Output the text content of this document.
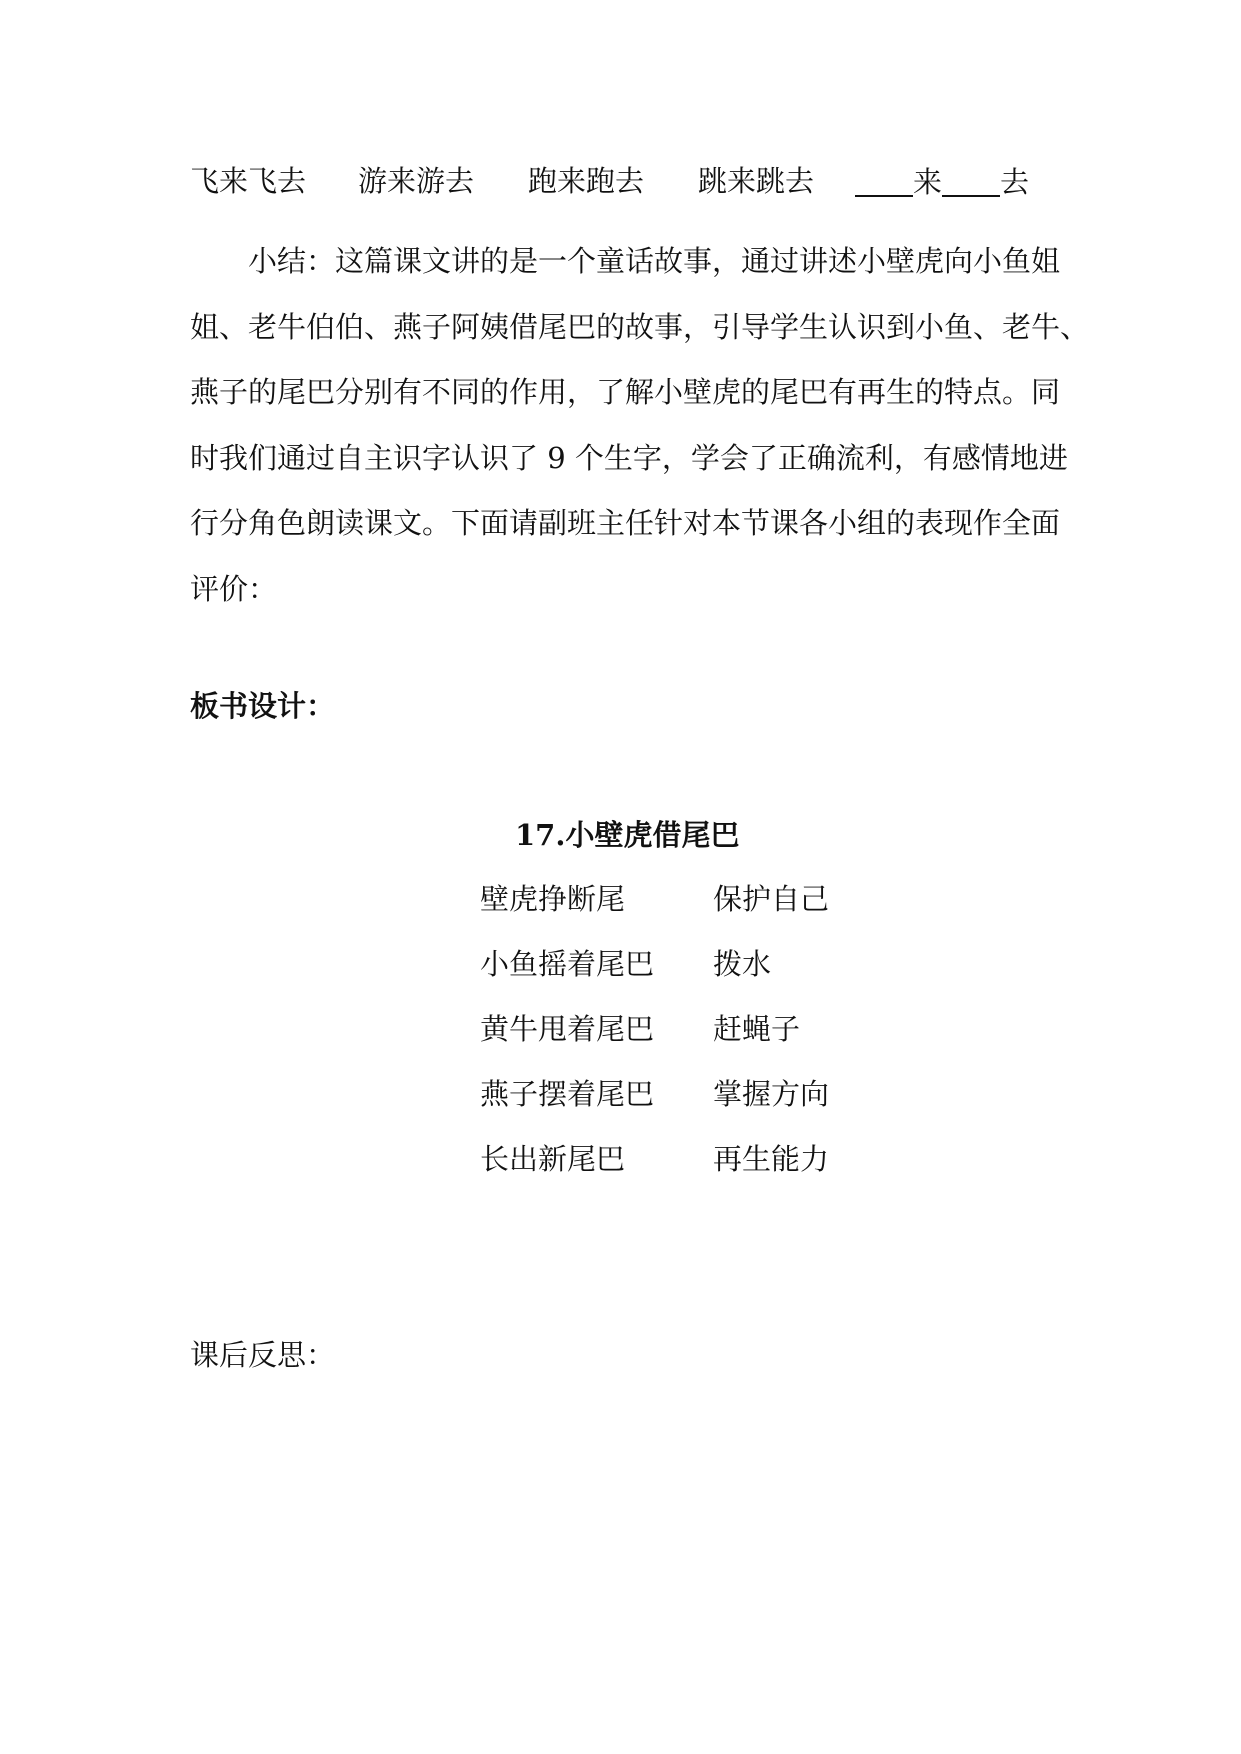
飞来飞去 游来游去 跑来跑去 跳来跳去	来 去
小结：这篇课文讲的是一个童话故事，通过讲述小壁虎向小鱼姐
姐、老牛伯伯、燕子阿姨借尾巴的故事，引导学生认识到小鱼、老牛、
燕子的尾巴分别有不同的作用，了解小壁虎的尾巴有再生的特点。同
时我们通过自主识字认识了 9 个生字，学会了正确流利，有感情地进
行分角色朗读课文。下面请副班主任针对本节课各小组的表现作全面
评价：
板书设计：
17.小壁虎借尾巴
壁虎挣断尾	保护自己
小鱼摇着尾巴 拨水
黄牛甩着尾巴 赶蝇子
燕子摆着尾巴 掌握方向
长出新尾巴	再生能力
课后反思：
